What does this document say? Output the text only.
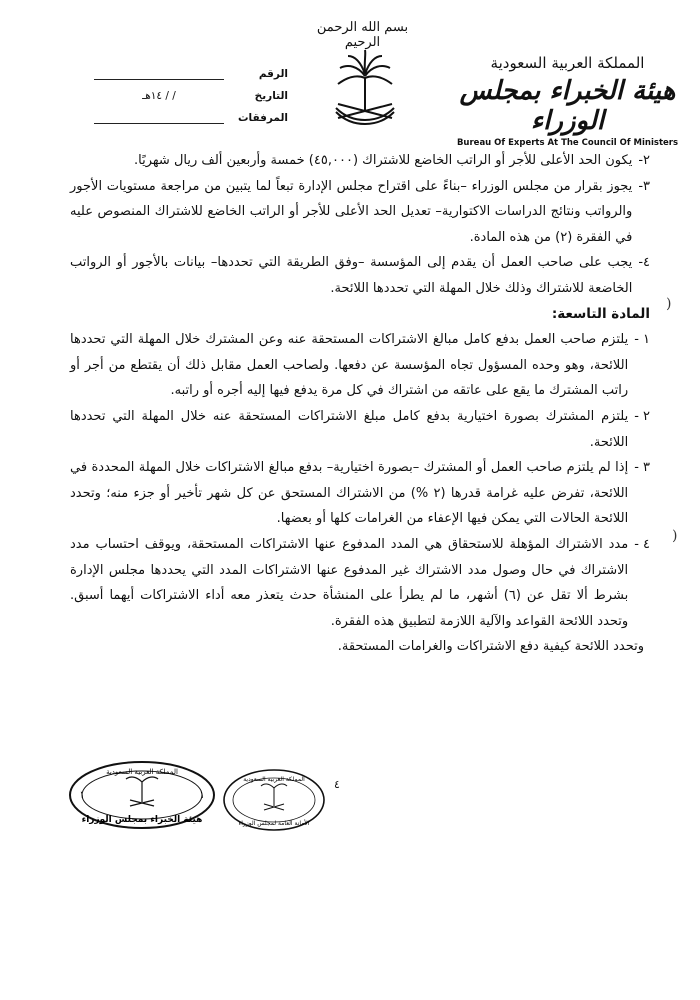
بسم الله الرحمن الرحيم
الرقم
التاريخ
/ / ١٤هـ
المرفقات
المملكة العربية السعودية
هيئة الخبراء بمجلس الوزراء
Bureau Of Experts At The Council Of Ministers
٢-
يكون الحد الأعلى للأجر أو الراتب الخاضع للاشتراك (٤٥,٠٠٠) خمسة وأربعين ألف ريال شهريًا.
٣-
يجوز بقرار من مجلس الوزراء –بناءً على اقتراح مجلس الإدارة تبعاً لما يتبين من مراجعة مستويات الأجور والرواتب ونتائج الدراسات الاكتوارية– تعديل الحد الأعلى للأجر أو الراتب الخاضع للاشتراك المنصوص عليه في الفقرة (٢) من هذه المادة.
٤-
يجب على صاحب العمل أن يقدم إلى المؤسسة –وفق الطريقة التي تحددها– بيانات بالأجور أو الرواتب الخاضعة للاشتراك وذلك خلال المهلة التي تحددها اللائحة.
المادة التاسعة:
١ -
يلتزم صاحب العمل بدفع كامل مبالغ الاشتراكات المستحقة عنه وعن المشترك خلال المهلة التي تحددها اللائحة، وهو وحده المسؤول تجاه المؤسسة عن دفعها. ولصاحب العمل مقابل ذلك أن يقتطع من أجر أو راتب المشترك ما يقع على عاتقه من اشتراك في كل مرة يدفع فيها إليه أجره أو راتبه.
٢ -
يلتزم المشترك بصورة اختيارية بدفع كامل مبلغ الاشتراكات المستحقة عنه خلال المهلة التي تحددها اللائحة.
٣ -
إذا لم يلتزم صاحب العمل أو المشترك –بصورة اختيارية– بدفع مبالغ الاشتراكات خلال المهلة المحددة في اللائحة، تفرض عليه غرامة قدرها (٢ %) من الاشتراك المستحق عن كل شهر تأخير أو جزء منه؛ وتحدد اللائحة الحالات التي يمكن فيها الإعفاء من الغرامات كلها أو بعضها.
٤ -
مدد الاشتراك المؤهلة للاستحقاق هي المدد المدفوع عنها الاشتراكات المستحقة، ويوقف احتساب مدد الاشتراك في حال وصول مدد الاشتراك غير المدفوع عنها الاشتراكات المدد التي يحددها مجلس الإدارة بشرط ألا تقل عن (٦) أشهر، ما لم يطرأ على المنشأة حدث يتعذر معه أداء الاشتراكات أيهما أسبق. وتحدد اللائحة القواعد والآلية اللازمة لتطبيق هذه الفقرة.
وتحدد اللائحة كيفية دفع الاشتراكات والغرامات المستحقة.
٤
المملكة العربية السعودية
هيئة الخبراء بمجلس الوزراء
١	١
المملكة العربية السعودية
الأمانة العامة لمجلس الوزراء
)
)
